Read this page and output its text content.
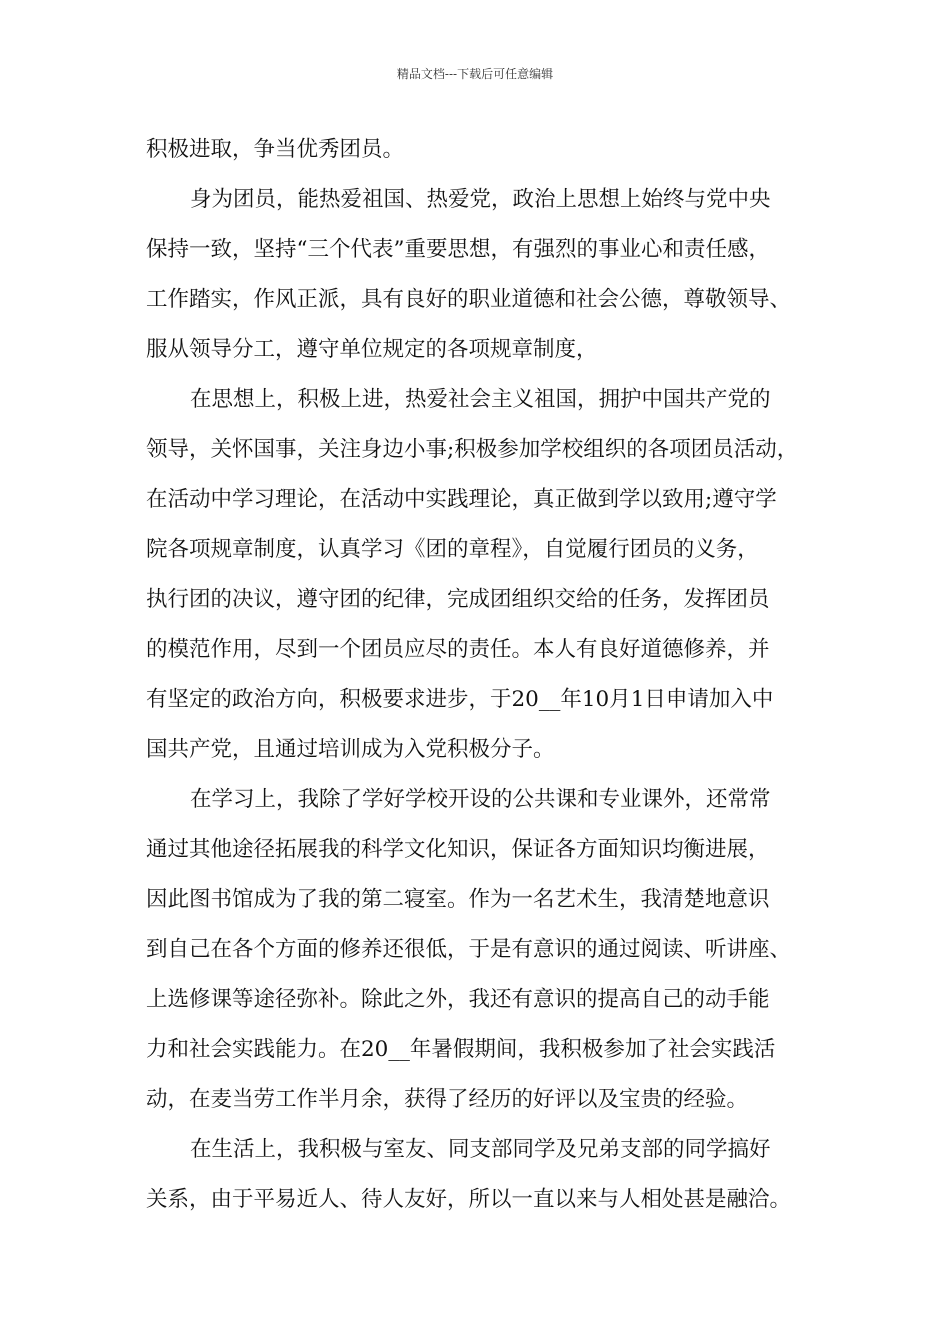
精品文档---下载后可任意编辑
积极进取，争当优秀团员。
身为团员，能热爱祖国、热爱党，政治上思想上始终与党中央
保持一致，坚持“三个代表”重要思想，有强烈的事业心和责任感，
工作踏实，作风正派，具有良好的职业道德和社会公德，尊敬领导、
服从领导分工，遵守单位规定的各项规章制度，
在思想上，积极上进，热爱社会主义祖国，拥护中国共产党的
领导，关怀国事，关注身边小事;积极参加学校组织的各项团员活动，
在活动中学习理论，在活动中实践理论，真正做到学以致用;遵守学
院各项规章制度，认真学习《团的章程》，自觉履行团员的义务，
执行团的决议，遵守团的纪律，完成团组织交给的任务，发挥团员
的模范作用，尽到一个团员应尽的责任。本人有良好道德修养，并
有坚定的政治方向，积极要求进步，于20__年10月1日申请加入中
国共产党，且通过培训成为入党积极分子。
在学习上，我除了学好学校开设的公共课和专业课外，还常常
通过其他途径拓展我的科学文化知识，保证各方面知识均衡进展，
因此图书馆成为了我的第二寝室。作为一名艺术生，我清楚地意识
到自己在各个方面的修养还很低，于是有意识的通过阅读、听讲座、
上选修课等途径弥补。除此之外，我还有意识的提高自己的动手能
力和社会实践能力。在20__年暑假期间，我积极参加了社会实践活
动，在麦当劳工作半月余，获得了经历的好评以及宝贵的经验。
在生活上，我积极与室友、同支部同学及兄弟支部的同学搞好
关系，由于平易近人、待人友好，所以一直以来与人相处甚是融洽。
